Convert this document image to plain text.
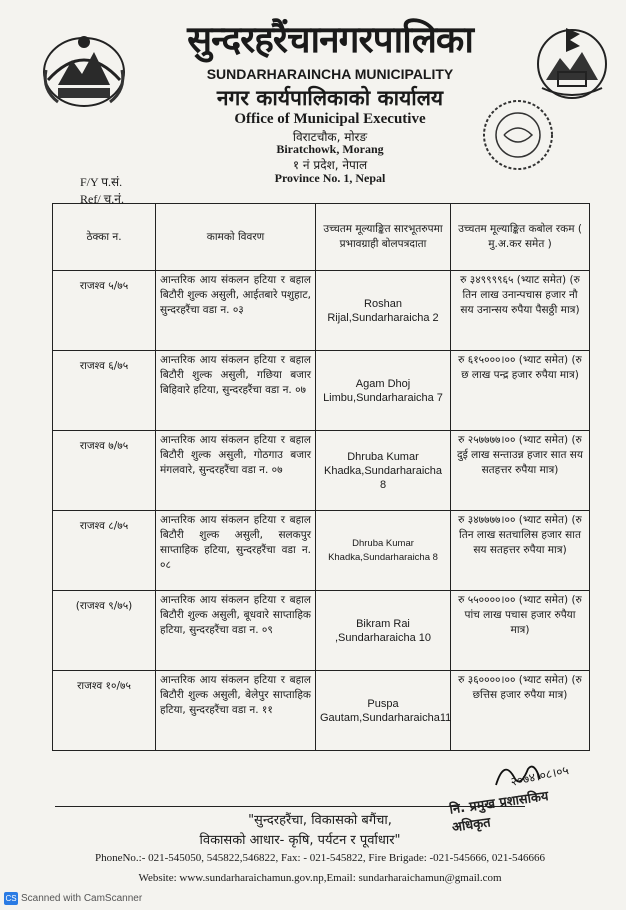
सुन्दरहरैंचानगरपालिका
SUNDARHARAINCHA MUNICIPALITY
नगर कार्यपालिकाको कार्यालय
Office of Municipal Executive
विराटचौक, मोरङ
Biratchowk, Morang
१ नं प्रदेश, नेपाल
Province No. 1, Nepal
F/Y प.सं.
Ref/ च.नं.
ठेक्का न.	कामको विवरण	उच्चतम मूल्याङ्कित सारभूतरुपमा प्रभावग्राही बोलपत्रदाता	उच्चतम मूल्याङ्कित कबोल रकम ( मु.अ.कर समेत )
राजश्व ५/७५	आन्तरिक आय संकलन हटिया र बहाल बिटौरी शुल्क असुली, आईतबारे पशुहाट, सुन्दरहरैंचा वडा न. ०३	Roshan Rijal,Sundarharaicha 2	रु ३४९९९९६५ (भ्याट समेत) (रु तिन लाख उनान्पचास हजार नौ सय उनान्सय रुपैया पैसठ्ठी मात्र)
राजश्व ६/७५	आन्तरिक आय संकलन हटिया र बहाल बिटौरी शुल्क असुली, गछिया बजार बिहिवारे हटिया, सुन्दरहरैंचा वडा न. ०७	Agam Dhoj Limbu,Sundarharaicha 7	रु ६१५०००।०० (भ्याट समेत) (रु छ लाख पन्द्र हजार रुपैया मात्र)
राजश्व ७/७५	आन्तरिक आय संकलन हटिया र बहाल बिटौरी शुल्क असुली, गोठगाउ बजार मंगलवारे, सुन्दरहरैंचा वडा न. ०७	Dhruba Kumar Khadka,Sundarharaicha 8	रु २५७७७७।०० (भ्याट समेत) (रु दुई लाख सन्ताउन्न हजार सात सय सतहत्तर रुपैया मात्र)
राजश्व ८/७५	आन्तरिक आय संकलन हटिया र बहाल बिटौरी शुल्क असुली, सलकपुर साप्ताहिक हटिया, सुन्दरहरैंचा वडा न. ०८	Dhruba Kumar Khadka,Sundarharaicha 8	रु ३४७७७७।०० (भ्याट समेत) (रु तिन लाख सतचालिस हजार सात सय सतहत्तर रुपैया मात्र)
(राजश्व ९/७५)	आन्तरिक आय संकलन हटिया र बहाल बिटौरी शुल्क असुली, बूधवारे साप्ताहिक हटिया, सुन्दरहरैंचा वडा न. ०९	Bikram Rai ,Sundarharaicha 10	रु ५५००००।०० (भ्याट समेत) (रु पांच लाख पचास हजार रुपैया मात्र)
राजश्व १०/७५	आन्तरिक आय संकलन हटिया र बहाल बिटौरी शुल्क असुली, बेलेपुर साप्ताहिक हटिया, सुन्दरहरैंचा वडा न. ११	Puspa Gautam,Sundarharaicha11	रु ३६००००।०० (भ्याट समेत) (रु छत्तिस हजार रुपैया मात्र)
२०७४।०८।०५
नि. प्रमुख प्रशासकिय अधिकृत
"सुन्दरहरैंचा, विकासको बगैंचा,
विकासको आधार- कृषि, पर्यटन र पूर्वाधार"
PhoneNo.:- 021-545050, 545822,546822, Fax: - 021-545822, Fire Brigade: -021-545666, 021-546666
Website: www.sundarharaichamun.gov.np,Email: sundarharaichamun@gmail.com
CS Scanned with CamScanner
